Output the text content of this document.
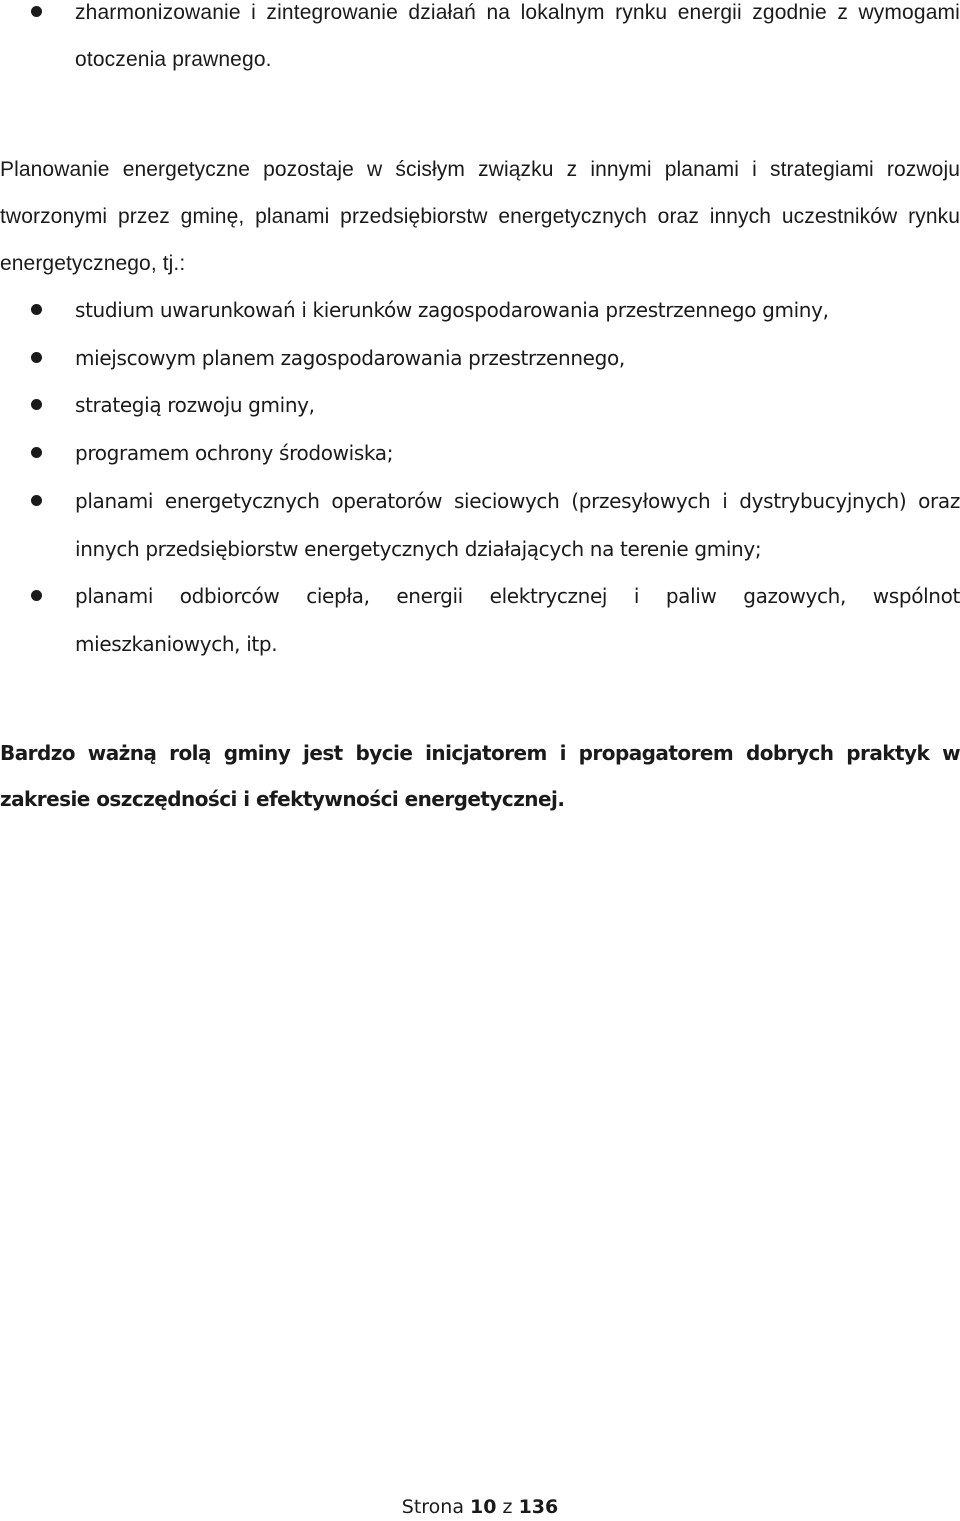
zharmonizowanie i zintegrowanie działań na lokalnym rynku energii zgodnie z wymogami otoczenia prawnego.

Planowanie energetyczne pozostaje w ścisłym związku z innymi planami i strategiami rozwoju tworzonymi przez gminę, planami przedsiębiorstw energetycznych oraz innych uczestników rynku energetycznego, tj.:

studium uwarunkowań i kierunków zagospodarowania przestrzennego gminy,
miejscowym planem zagospodarowania przestrzennego,
strategią rozwoju gminy,
programem ochrony środowiska;
planami energetycznych operatorów sieciowych (przesyłowych i dystrybucyjnych) oraz innych przedsiębiorstw energetycznych działających na terenie gminy;
planami odbiorców ciepła, energii elektrycznej i paliw gazowych, wspólnot mieszkaniowych, itp.

Bardzo ważną rolą gminy jest bycie inicjatorem i propagatorem dobrych praktyk w zakresie oszczędności i efektywności energetycznej.

Strona 10 z 136
